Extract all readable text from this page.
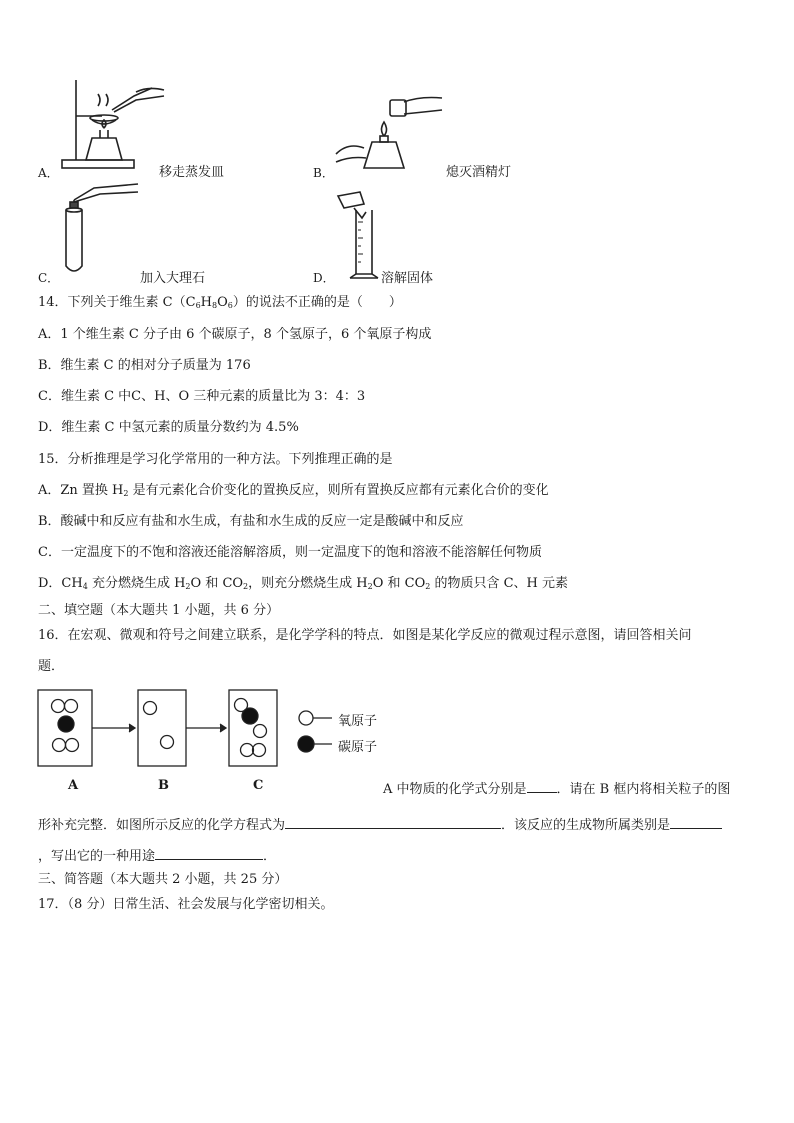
A．	移走蒸发皿	B．	熄灭酒精灯
C．	加入大理石	D．	溶解固体
14．下列关于维生素 $C(C_6H_8O_6)$的说法不正确的是（　　）
A．1 个维生素 C 分子由 6 个碳原子，8 个氢原子，6 个氧原子构成
B．维生素 C 的相对分子质量为 176
C．维生素 C 中C、H、O 三种元素的质量比为 3：4：3
D．维生素 C 中氢元素的质量分数约为 4.5%
15．分析推理是学习化学常用的一种方法。下列推理正确的是
A．Zn 置换 $H_2$ 是有元素化合价变化的置换反应，则所有置换反应都有元素化合价的变化
B．酸碱中和反应有盐和水生成，有盐和水生成的反应一定是酸碱中和反应
C．一定温度下的不饱和溶液还能溶解溶质，则一定温度下的饱和溶液不能溶解任何物质
D．$CH_4$ 充分燃烧生成 $H_2O$ 和 $CO_2$，则充分燃烧生成 $H_2O$ 和 $CO_2$ 的物质只含 C、H 元素
二、填空题（本大题共 1 小题，共 6 分）
16．在宏观、微观和符号之间建立联系，是化学学科的特点．如图是某化学反应的微观过程示意图，请回答相关问
题．
氧原子
碳原子
A	B	C	A 中物质的化学式分别是 ．请在 B 框内将相关粒子的图
形补充完整．如图所示反应的化学方程式为	．该反应的生成物所属类别是
，写出它的一种用途	．
三、简答题（本大题共 2 小题，共 25 分）
17．（8 分）日常生活、社会发展与化学密切相关。
